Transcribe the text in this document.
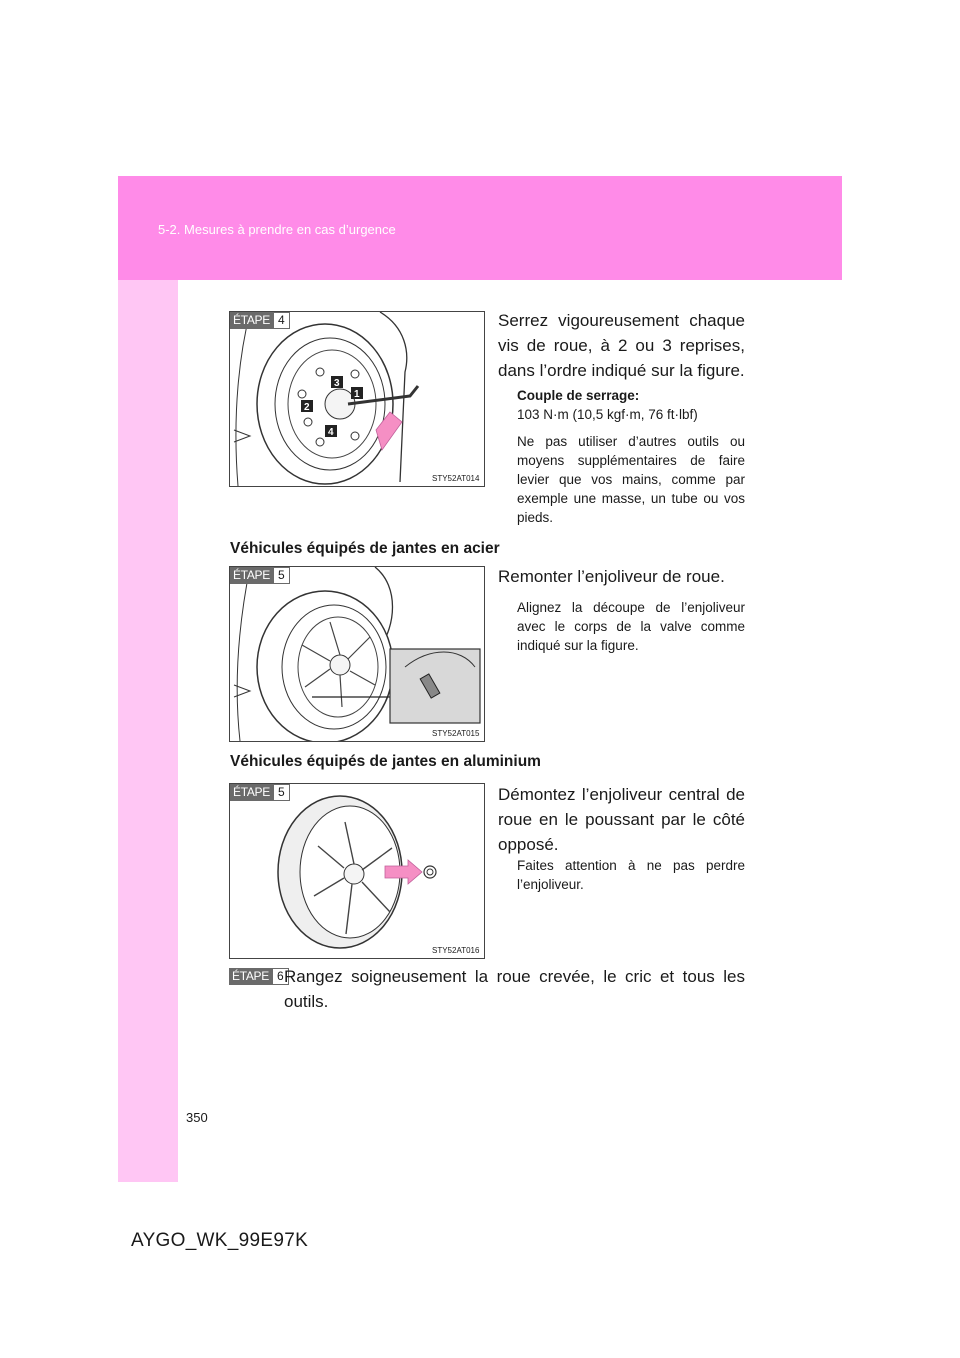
5-2. Mesures à prendre en cas d’urgence
1
2
3
4
ÉTAPE 4
STY52AT014
Serrez vigoureusement chaque vis de roue, à 2 ou 3 reprises, dans l’ordre indiqué sur la figure.
Couple de serrage:
103 N·m (10,5 kgf·m, 76 ft·lbf)
Ne pas utiliser d’autres outils ou moyens supplémentaires de faire levier que vos mains, comme par exemple une masse, un tube ou vos pieds.
Véhicules équipés de jantes en acier
ÉTAPE 5
STY52AT015
Remonter l’enjoliveur de roue.
Alignez la découpe de l’enjoliveur avec le corps de la valve comme indiqué sur la figure.
Véhicules équipés de jantes en aluminium
ÉTAPE 5
STY52AT016
Démontez l’enjoliveur central de roue en le poussant par le côté opposé.
Faites attention à ne pas perdre l’enjoliveur.
ÉTAPE 6 Rangez soigneusement la roue crevée, le cric et tous les outils.
350
AYGO_WK_99E97K
